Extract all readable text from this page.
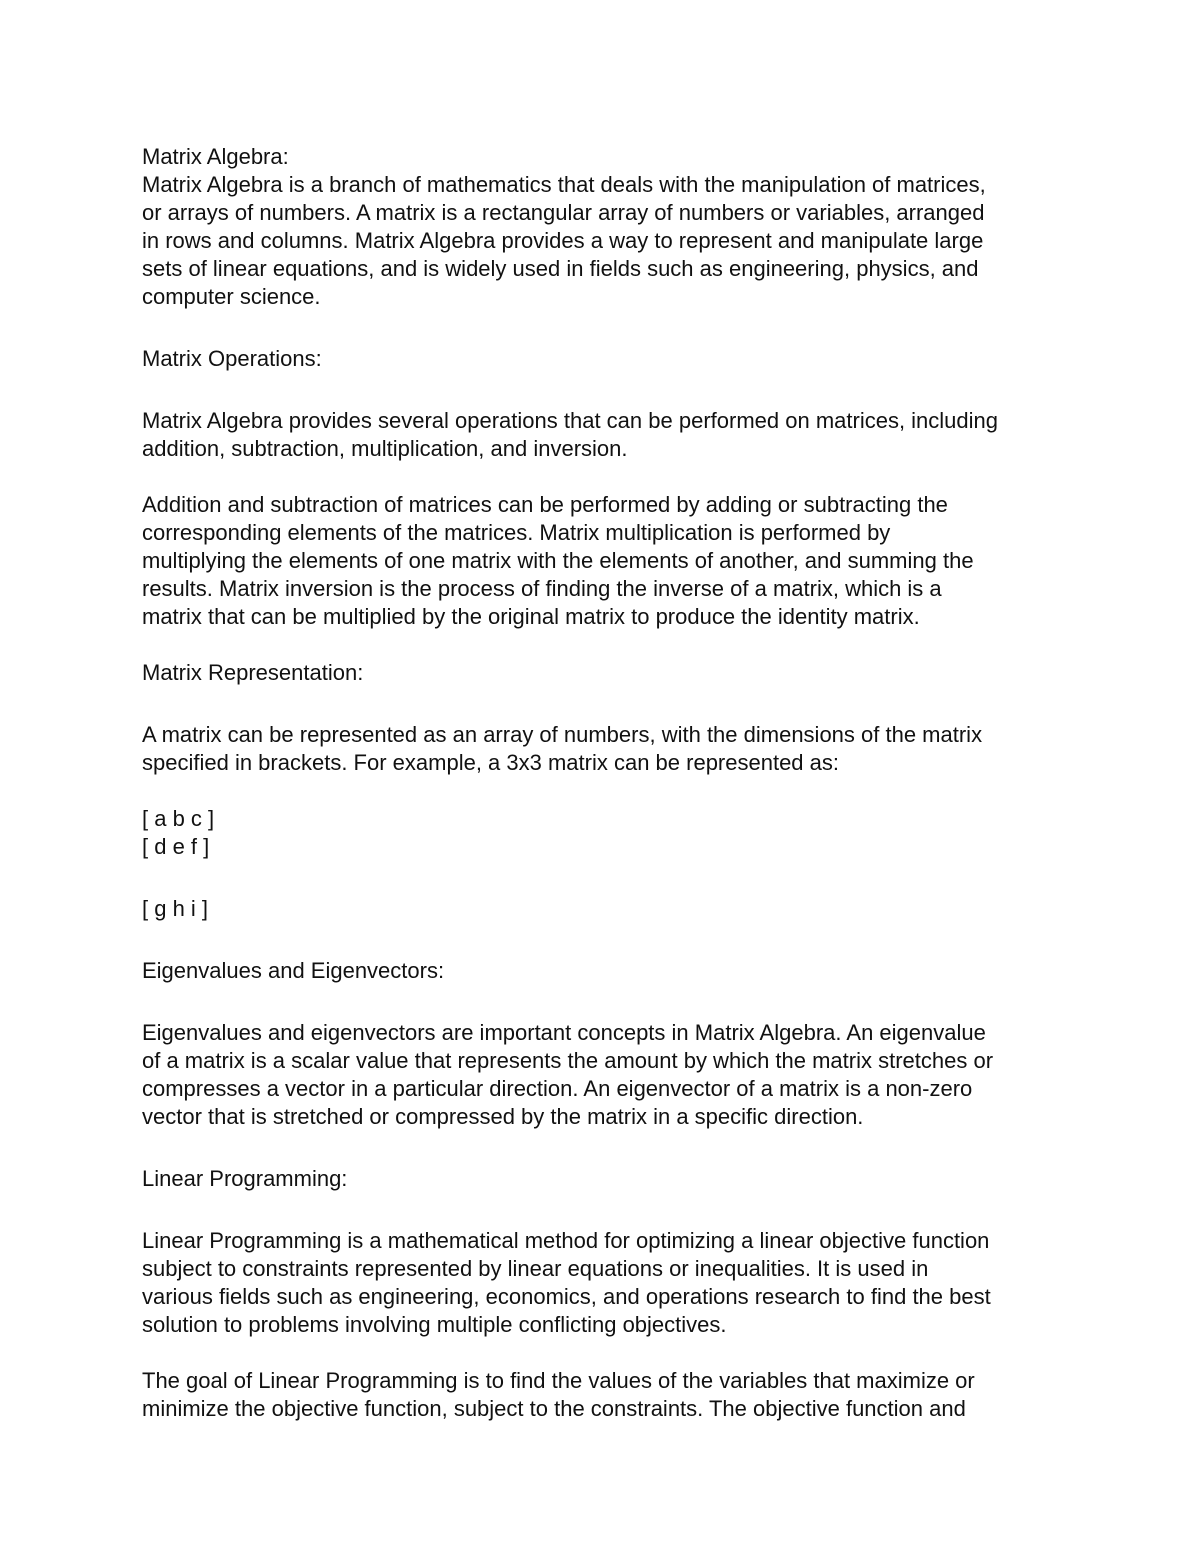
Matrix Algebra:
Matrix Algebra is a branch of mathematics that deals with the manipulation of matrices,
or arrays of numbers. A matrix is a rectangular array of numbers or variables, arranged
in rows and columns. Matrix Algebra provides a way to represent and manipulate large
sets of linear equations, and is widely used in fields such as engineering, physics, and
computer science.
Matrix Operations:
Matrix Algebra provides several operations that can be performed on matrices, including
addition, subtraction, multiplication, and inversion.
Addition and subtraction of matrices can be performed by adding or subtracting the
corresponding elements of the matrices. Matrix multiplication is performed by
multiplying the elements of one matrix with the elements of another, and summing the
results. Matrix inversion is the process of finding the inverse of a matrix, which is a
matrix that can be multiplied by the original matrix to produce the identity matrix.
Matrix Representation:
A matrix can be represented as an array of numbers, with the dimensions of the matrix
specified in brackets. For example, a 3x3 matrix can be represented as:
[ a b c ]
[ d e f ]
[ g h i ]
Eigenvalues and Eigenvectors:
Eigenvalues and eigenvectors are important concepts in Matrix Algebra. An eigenvalue
of a matrix is a scalar value that represents the amount by which the matrix stretches or
compresses a vector in a particular direction. An eigenvector of a matrix is a non-zero
vector that is stretched or compressed by the matrix in a specific direction.
Linear Programming:
Linear Programming is a mathematical method for optimizing a linear objective function
subject to constraints represented by linear equations or inequalities. It is used in
various fields such as engineering, economics, and operations research to find the best
solution to problems involving multiple conflicting objectives.
The goal of Linear Programming is to find the values of the variables that maximize or
minimize the objective function, subject to the constraints. The objective function and
